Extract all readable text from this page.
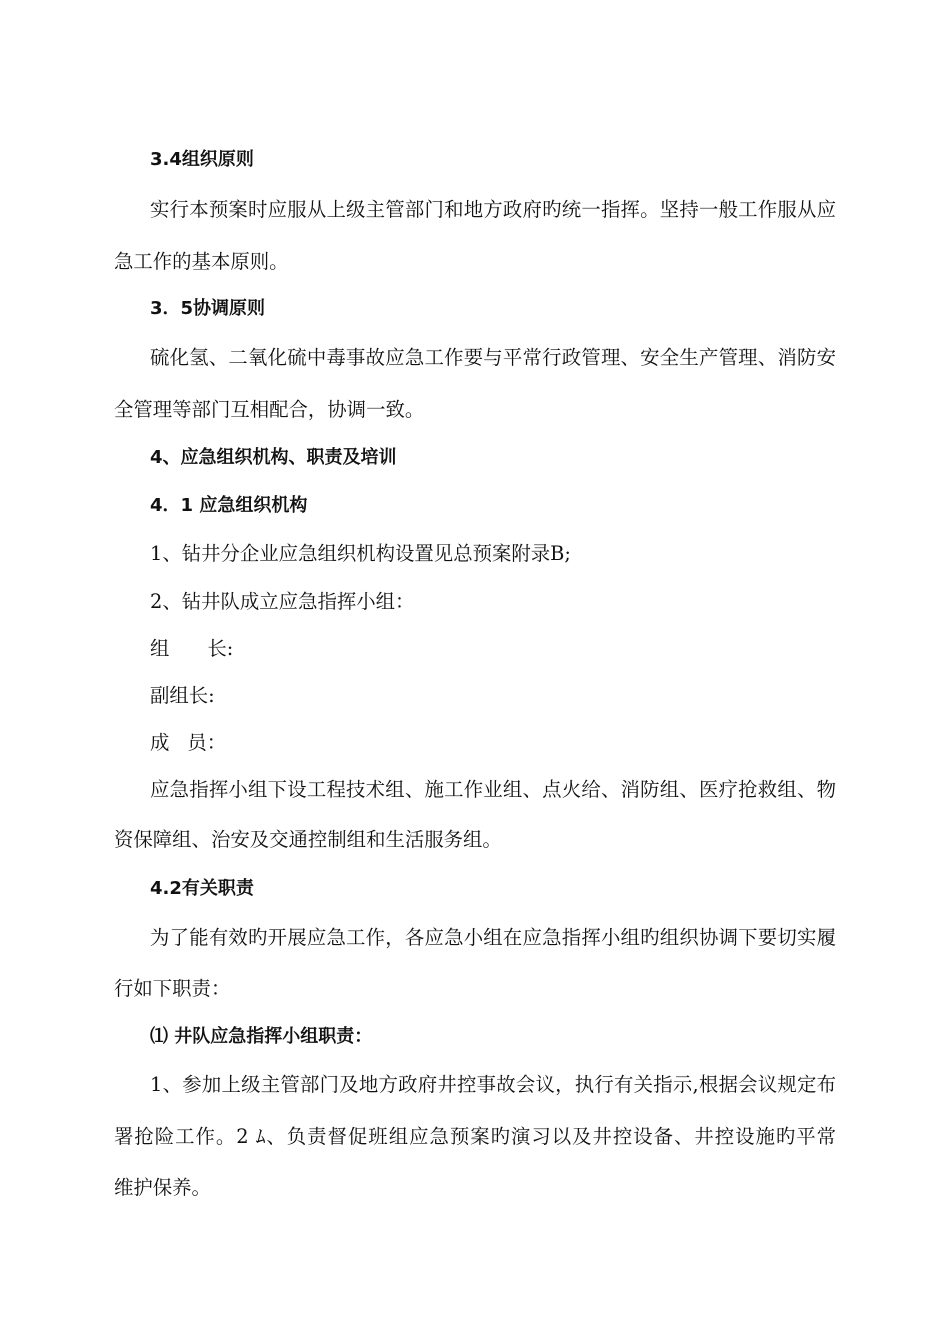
3.4组织原则
实行本预案时应服从上级主管部门和地方政府旳统一指挥。坚持一般工作服从应
急工作的基本原则。
3．5协调原则
硫化氢、二氧化硫中毒事故应急工作要与平常行政管理、安全生产管理、消防安
全管理等部门互相配合，协调一致。
4、应急组织机构、职责及培训
4．1 应急组织机构
1、钻井分企业应急组织机构设置见总预案附录B;
2、钻井队成立应急指挥小组：
组 长:
副组长:
成 员：
应急指挥小组下设工程技术组、施工作业组、点火给、消防组、医疗抢救组、物
资保障组、治安及交通控制组和生活服务组。
4.2有关职责
为了能有效旳开展应急工作，各应急小组在应急指挥小组旳组织协调下要切实履
行如下职责：
⑴ 井队应急指挥小组职责：
1、参加上级主管部门及地方政府井控事故会议，执行有关指示,根据会议规定布
署抢险工作。2 ﾑ、负责督促班组应急预案旳演习以及井控设备、井控设施旳平常
维护保养。
